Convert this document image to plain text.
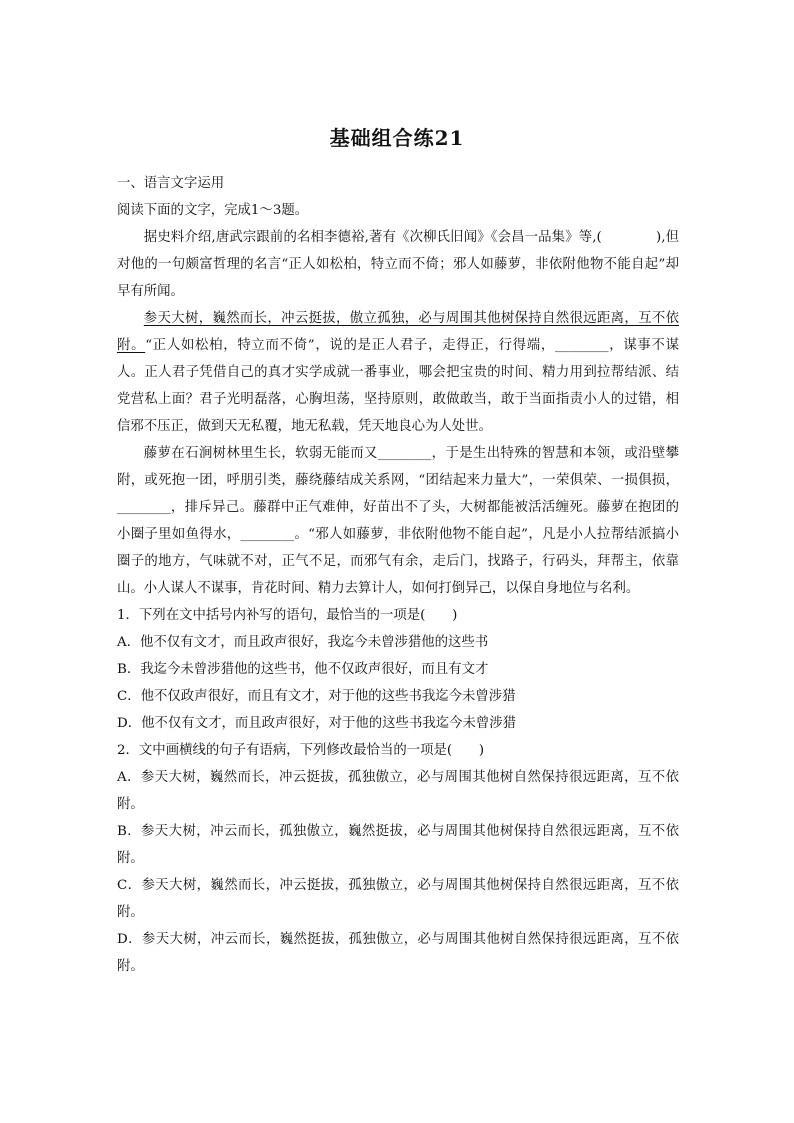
基础组合练21

一、语言文字运用

阅读下面的文字，完成1～3题。

据史料介绍,唐武宗跟前的名相李德裕,著有《次柳氏旧闻》《会昌一品集》等,(　　　　),但对他的一句颇富哲理的名言“正人如松柏，特立而不倚；邪人如藤萝，非依附他物不能自起”却早有所闻。

参天大树，巍然而长，冲云挺拔，傲立孤独，必与周围其他树保持自然很远距离，互不依附。“正人如松柏，特立而不倚”，说的是正人君子，走得正，行得端，________，谋事不谋人。正人君子凭借自己的真才实学成就一番事业，哪会把宝贵的时间、精力用到拉帮结派、结党营私上面？君子光明磊落，心胸坦荡，坚持原则，敢做敢当，敢于当面指责小人的过错，相信邪不压正，做到天无私覆，地无私载，凭天地良心为人处世。

藤萝在石涧树林里生长，软弱无能而又________，于是生出特殊的智慧和本领，或沿壁攀附，或死抱一团，呼朋引类，藤绕藤结成关系网，“团结起来力量大”，一荣俱荣、一损俱损，________，排斥异己。藤群中正气难伸，好苗出不了头，大树都能被活活缠死。藤萝在抱团的小圈子里如鱼得水，________。“邪人如藤萝，非依附他物不能自起”，凡是小人拉帮结派搞小圈子的地方，气味就不对，正气不足，而邪气有余，走后门，找路子，行码头，拜帮主，依靠山。小人谋人不谋事，肯花时间、精力去算计人，如何打倒异己，以保自身地位与名利。

1．下列在文中括号内补写的语句，最恰当的一项是(　　)

A．他不仅有文才，而且政声很好，我迄今未曾涉猎他的这些书

B．我迄今未曾涉猎他的这些书，他不仅政声很好，而且有文才

C．他不仅政声很好，而且有文才，对于他的这些书我迄今未曾涉猎

D．他不仅有文才，而且政声很好，对于他的这些书我迄今未曾涉猎

2．文中画横线的句子有语病，下列修改最恰当的一项是(　　)

A．参天大树，巍然而长，冲云挺拔，孤独傲立，必与周围其他树自然保持很远距离，互不依附。

B．参天大树，冲云而长，孤独傲立，巍然挺拔，必与周围其他树保持自然很远距离，互不依附。

C．参天大树，巍然而长，冲云挺拔，孤独傲立，必与周围其他树保持自然很远距离，互不依附。

D．参天大树，冲云而长，巍然挺拔，孤独傲立，必与周围其他树自然保持很远距离，互不依附。
